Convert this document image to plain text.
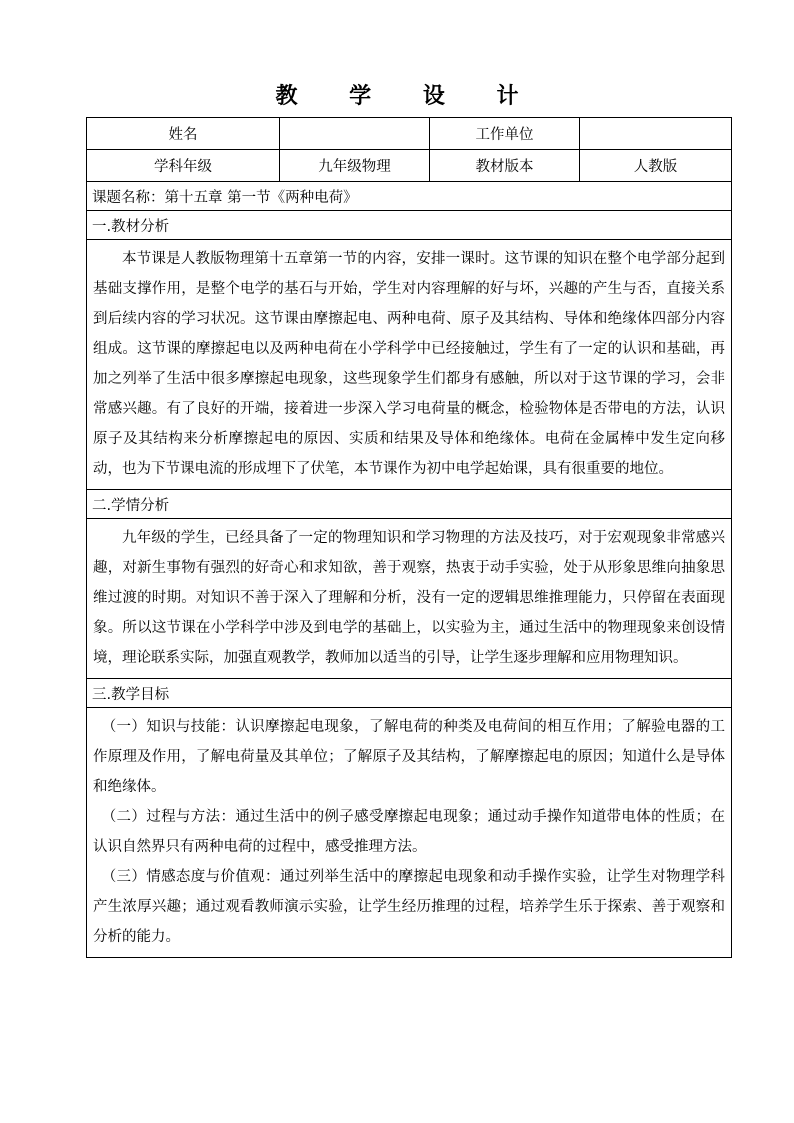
教 学 设 计
姓名		工作单位	
学科年级	九年级物理	教材版本	人教版
课题名称：第十五章 第一节《两种电荷》			
一.教材分析			
本节课是人教版物理第十五章第一节的内容，安排一课时。这节课的知识在整个电学部分起到基础支撑作用，是整个电学的基石与开始，学生对内容理解的好与坏，兴趣的产生与否，直接关系到后续内容的学习状况。这节课由摩擦起电、两种电荷、原子及其结构、导体和绝缘体四部分内容组成。这节课的摩擦起电以及两种电荷在小学科学中已经接触过，学生有了一定的认识和基础，再加之列举了生活中很多摩擦起电现象，这些现象学生们都身有感触，所以对于这节课的学习，会非常感兴趣。有了良好的开端，接着进一步深入学习电荷量的概念，检验物体是否带电的方法，认识原子及其结构来分析摩擦起电的原因、实质和结果及导体和绝缘体。电荷在金属棒中发生定向移动，也为下节课电流的形成埋下了伏笔，本节课作为初中电学起始课，具有很重要的地位。			
二.学情分析			
九年级的学生，已经具备了一定的物理知识和学习物理的方法及技巧，对于宏观现象非常感兴趣，对新生事物有强烈的好奇心和求知欲，善于观察，热衷于动手实验，处于从形象思维向抽象思维过渡的时期。对知识不善于深入了理解和分析，没有一定的逻辑思维推理能力，只停留在表面现象。所以这节课在小学科学中涉及到电学的基础上，以实验为主，通过生活中的物理现象来创设情境，理论联系实际，加强直观教学，教师加以适当的引导，让学生逐步理解和应用物理知识。			
三.教学目标			

（一）知识与技能：认识摩擦起电现象，了解电荷的种类及电荷间的相互作用；了解验电器的工作原理及作用，了解电荷量及其单位；了解原子及其结构，了解摩擦起电的原因；知道什么是导体和绝缘体。
（二）过程与方法：通过生活中的例子感受摩擦起电现象；通过动手操作知道带电体的性质；在认识自然界只有两种电荷的过程中，感受推理方法。
（三）情感态度与价值观：通过列举生活中的摩擦起电现象和动手操作实验，让学生对物理学科产生浓厚兴趣；通过观看教师演示实验，让学生经历推理的过程，培养学生乐于探索、善于观察和分析的能力。			
